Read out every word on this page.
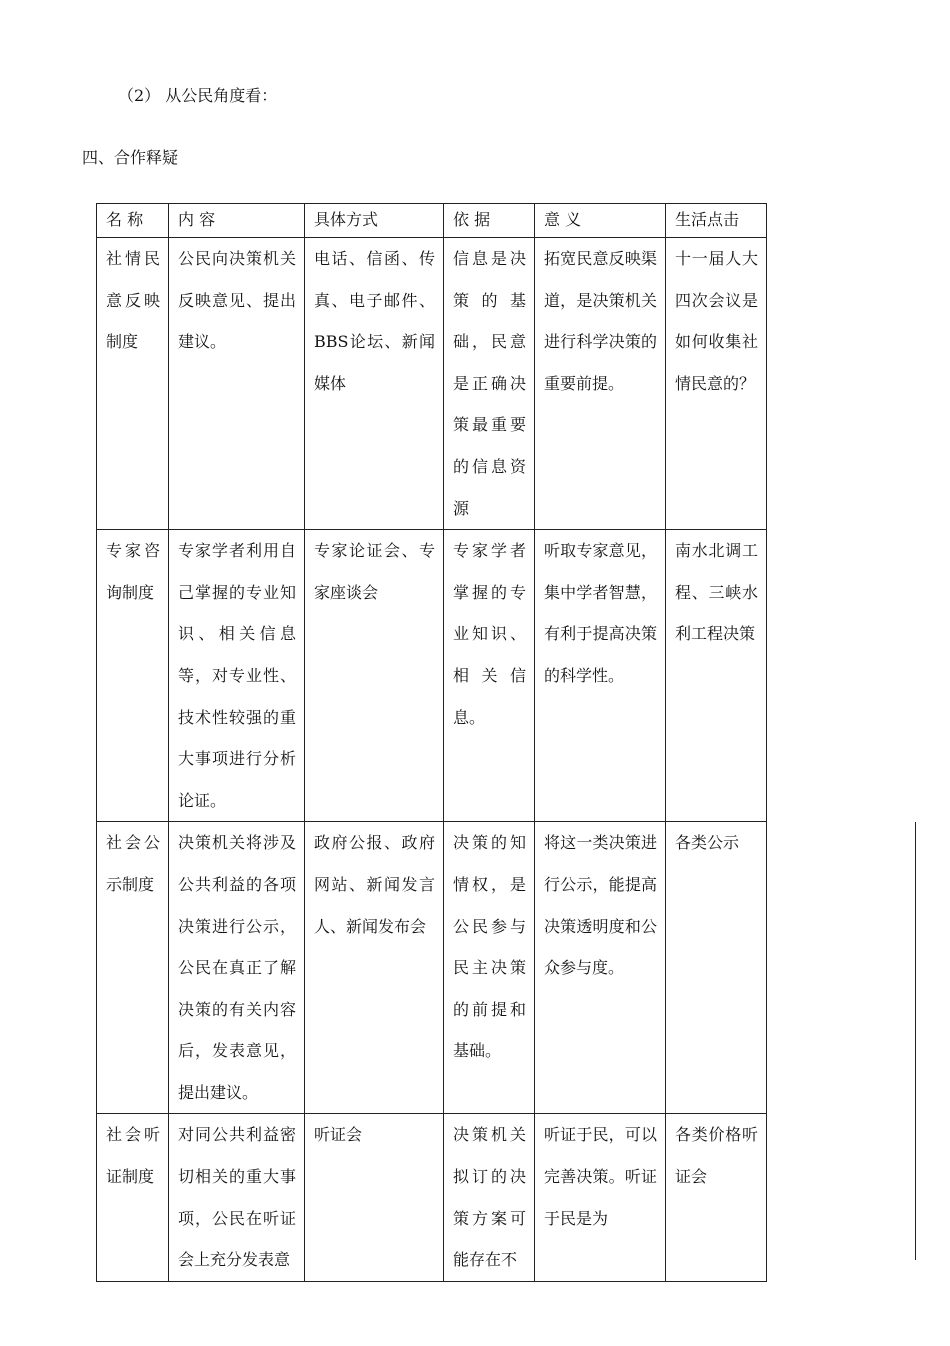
（2） 从公民角度看：
四、合作释疑
名 称	内 容	具体方式	依 据	意 义	生活点击
社情民意反映制度	公民向决策机关反映意见、提出建议。	电话、信函、传真、电子邮件、BBS论坛、新闻媒体	信息是决策的基础，民意是正确决策最重要的信息资源	拓宽民意反映渠道，是决策机关进行科学决策的重要前提。	十一届人大四次会议是如何收集社情民意的？
专家咨询制度	专家学者利用自己掌握的专业知识、相关信息等，对专业性、技术性较强的重大事项进行分析论证。	专家论证会、专家座谈会	专家学者掌握的专业知识、相关信息。	听取专家意见，集中学者智慧，有利于提高决策的科学性。	南水北调工程、三峡水利工程决策
社会公示制度	决策机关将涉及公共利益的各项决策进行公示，公民在真正了解决策的有关内容后，发表意见，提出建议。	政府公报、政府网站、新闻发言人、新闻发布会	决策的知情权，是公民参与民主决策的前提和基础。	将这一类决策进行公示，能提高决策透明度和公众参与度。	各类公示
社会听证制度	对同公共利益密切相关的重大事项，公民在听证会上充分发表意	听证会	决策机关拟订的决策方案可能存在不	听证于民，可以完善决策。听证于民是为	各类价格听证会
